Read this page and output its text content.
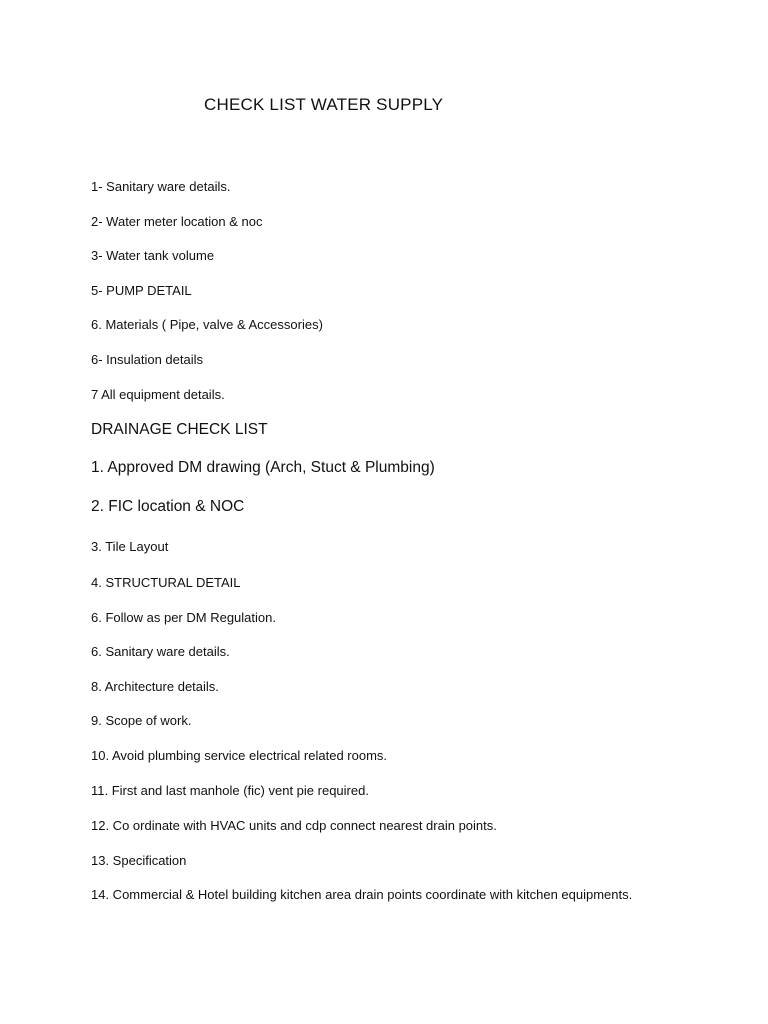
CHECK LIST WATER SUPPLY
1- Sanitary ware details.
2- Water meter location & noc
3- Water tank volume
5- PUMP DETAIL
6. Materials ( Pipe, valve & Accessories)
6- Insulation details
7 All equipment details.
DRAINAGE CHECK LIST
1. Approved DM drawing (Arch, Stuct & Plumbing)
2. FIC location & NOC
3. Tile Layout
4. STRUCTURAL DETAIL
6. Follow as per DM Regulation.
6. Sanitary ware details.
8. Architecture details.
9. Scope of work.
10. Avoid plumbing service electrical related rooms.
11. First and last manhole (fic) vent pie required.
12. Co ordinate with HVAC units and cdp connect nearest drain points.
13. Specification
14. Commercial & Hotel building kitchen area drain points coordinate with kitchen equipments.
